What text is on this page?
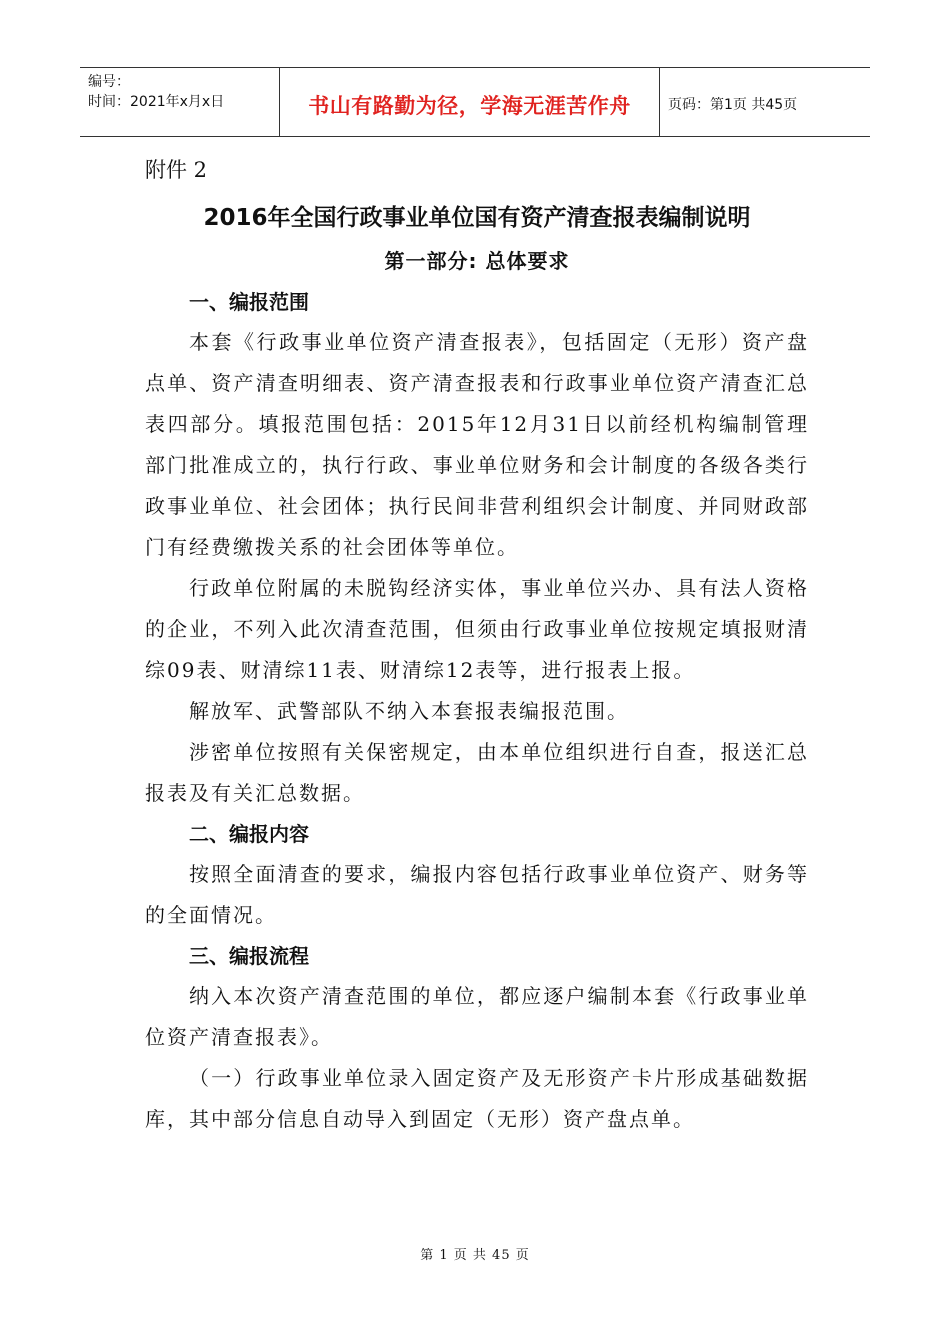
编号：
时间：2021年x月x日	书山有路勤为径，学海无涯苦作舟	页码：第1页 共45页
附件 2
2016年全国行政事业单位国有资产清查报表编制说明
第一部分: 总体要求
一、编报范围

本套《行政事业单位资产清查报表》，包括固定（无形）资产盘点单、资产清查明细表、资产清查报表和行政事业单位资产清查汇总表四部分。填报范围包括：2015年12月31日以前经机构编制管理部门批准成立的，执行行政、事业单位财务和会计制度的各级各类行政事业单位、社会团体；执行民间非营利组织会计制度、并同财政部门有经费缴拨关系的社会团体等单位。

行政单位附属的未脱钩经济实体，事业单位兴办、具有法人资格的企业，不列入此次清查范围，但须由行政事业单位按规定填报财清综09表、财清综11表、财清综12表等，进行报表上报。

解放军、武警部队不纳入本套报表编报范围。

涉密单位按照有关保密规定，由本单位组织进行自查，报送汇总报表及有关汇总数据。

二、编报内容

按照全面清查的要求，编报内容包括行政事业单位资产、财务等的全面情况。

三、编报流程

纳入本次资产清查范围的单位，都应逐户编制本套《行政事业单位资产清查报表》。

（一）行政事业单位录入固定资产及无形资产卡片形成基础数据库，其中部分信息自动导入到固定（无形）资产盘点单。

第 1 页 共 45 页
